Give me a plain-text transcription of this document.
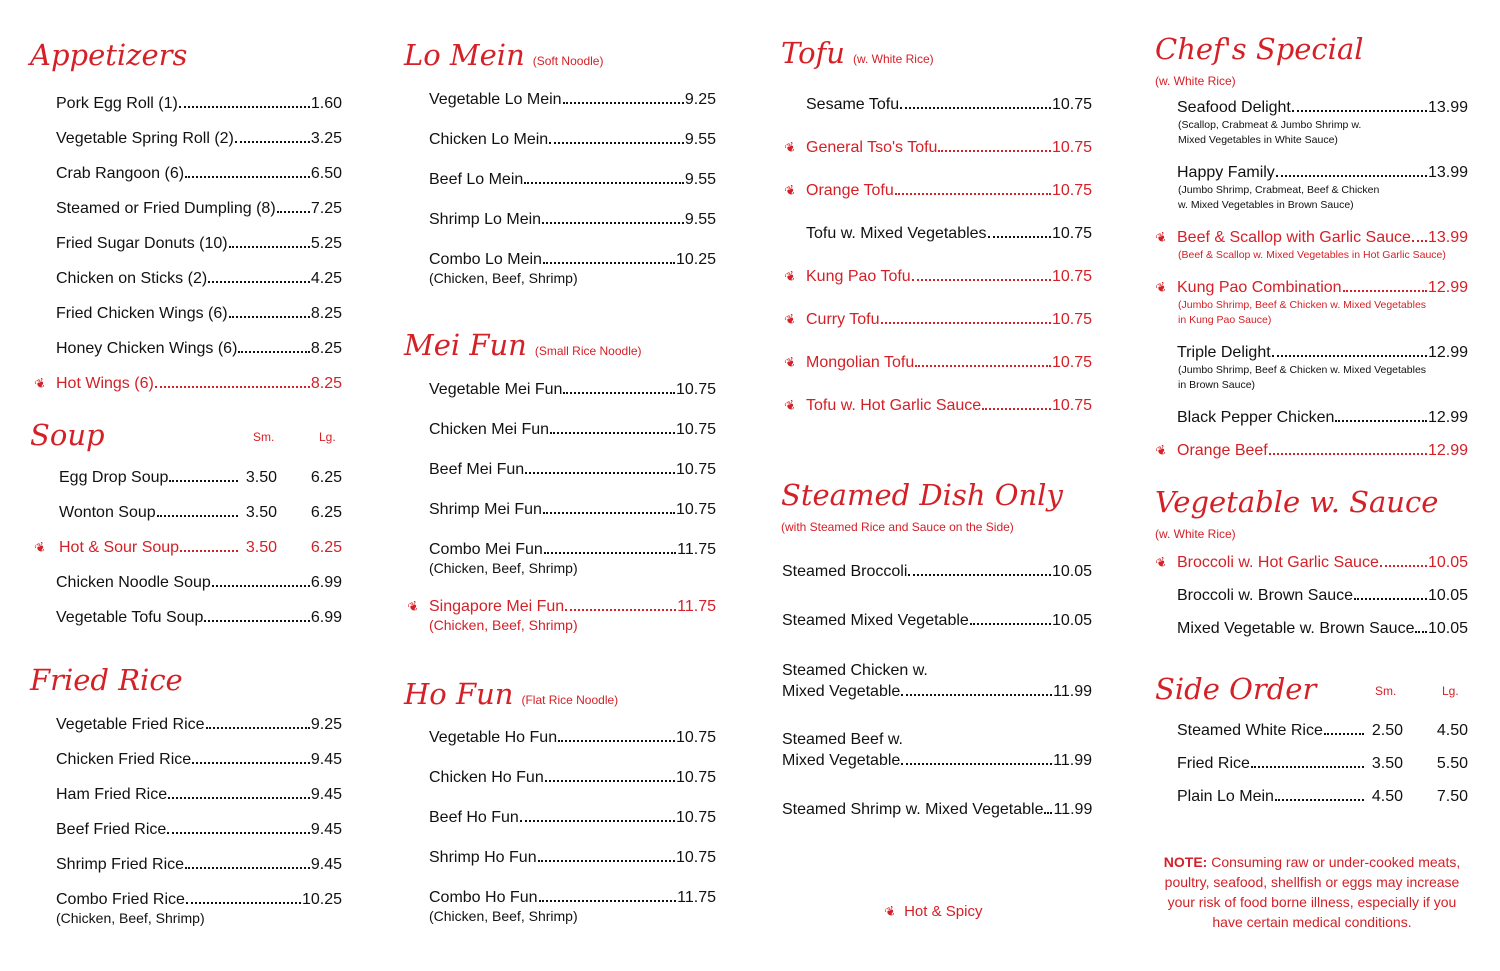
Appetizers
Pork Egg Roll (1)	1.60
Vegetable Spring Roll (2)	3.25
Crab Rangoon (6)	6.50
Steamed or Fried Dumpling (8) 7.25
Fried Sugar Donuts (10)	5.25
Chicken on Sticks (2)	4.25
Fried Chicken Wings (6)	8.25
Honey Chicken Wings (6)	8.25
❦ Hot Wings (6)	8.25
Soup	Sm.	Lg.
Egg Drop Soup	3.50	6.25
Wonton Soup	3.50	6.25
❦ Hot & Sour Soup	3.50	6.25
Chicken Noodle Soup	6.99
Vegetable Tofu Soup	6.99
Fried Rice
Vegetable Fried Rice	9.25
Chicken Fried Rice	9.45
Ham Fried Rice	9.45
Beef Fried Rice	9.45
Shrimp Fried Rice	9.45
Combo Fried Rice	10.25
(Chicken, Beef, Shrimp)
Lo Mein (Soft Noodle)
Vegetable Lo Mein	9.25
Chicken Lo Mein	9.55
Beef Lo Mein	9.55
Shrimp Lo Mein	9.55
Combo Lo Mein	10.25
(Chicken, Beef, Shrimp)
Mei Fun (Small Rice Noodle)
Vegetable Mei Fun	10.75
Chicken Mei Fun	10.75
Beef Mei Fun	10.75
Shrimp Mei Fun	10.75
Combo Mei Fun	11.75
(Chicken, Beef, Shrimp)
❦ Singapore Mei Fun	11.75
(Chicken, Beef, Shrimp)
Ho Fun (Flat Rice Noodle)
Vegetable Ho Fun	10.75
Chicken Ho Fun	10.75
Beef Ho Fun	10.75
Shrimp Ho Fun	10.75
Combo Ho Fun	11.75
(Chicken, Beef, Shrimp)
Tofu (w. White Rice)
Sesame Tofu	10.75
❦ General Tso's Tofu	10.75
❦ Orange Tofu	10.75
Tofu w. Mixed Vegetables	10.75
❦ Kung Pao Tofu	10.75
❦ Curry Tofu	10.75
❦ Mongolian Tofu	10.75
❦ Tofu w. Hot Garlic Sauce	10.75
Steamed Dish Only
(with Steamed Rice and Sauce on the Side)
Steamed Broccoli	10.05
Steamed Mixed Vegetable	10.05
Steamed Chicken w.
Mixed Vegetable	11.99
Steamed Beef w.
Mixed Vegetable	11.99
Steamed Shrimp w. Mixed Vegetable 11.99
❦ Hot & Spicy
Chef's Special
(w. White Rice)
Seafood Delight	13.99
(Scallop, Crabmeat & Jumbo Shrimp w.
Mixed Vegetables in White Sauce)
Happy Family	13.99
(Jumbo Shrimp, Crabmeat, Beef & Chicken
w. Mixed Vegetables in Brown Sauce)
❦ Beef & Scallop with Garlic Sauce 13.99
(Beef & Scallop w. Mixed Vegetables in Hot Garlic Sauce)
❦ Kung Pao Combination	12.99
(Jumbo Shrimp, Beef & Chicken w. Mixed Vegetables
in Kung Pao Sauce)
Triple Delight	12.99
(Jumbo Shrimp, Beef & Chicken w. Mixed Vegetables
in Brown Sauce)
Black Pepper Chicken	12.99
❦ Orange Beef	12.99
Vegetable w. Sauce
(w. White Rice)
❦ Broccoli w. Hot Garlic Sauce	10.05
Broccoli w. Brown Sauce	10.05
Mixed Vegetable w. Brown Sauce 10.05
Side Order	Sm.	Lg.
Steamed White Rice	2.50	4.50
Fried Rice	3.50	5.50
Plain Lo Mein	4.50	7.50
NOTE: Consuming raw or under-cooked meats, poultry, seafood, shellfish or eggs may increase your risk of food borne illness, especially if you have certain medical conditions.
